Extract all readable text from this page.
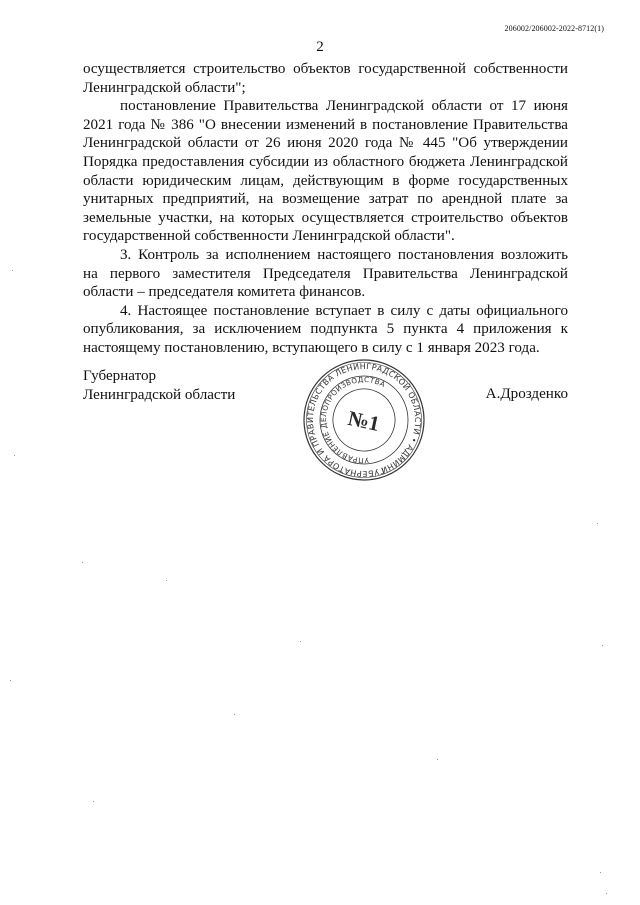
206002/206002-2022-8712(1)
2

осуществляется строительство объектов государственной собственности Ленинградской области";

постановление Правительства Ленинградской области от 17 июня 2021 года № 386 "О внесении изменений в постановление Правительства Ленинградской области от 26 июня 2020 года № 445 "Об утверждении Порядка предоставления субсидии из областного бюджета Ленинградской области юридическим лицам, действующим в форме государственных унитарных предприятий, на возмещение затрат по арендной плате за земельные участки, на которых осуществляется строительство объектов государственной собственности Ленинградской области".

3. Контроль за исполнением настоящего постановления возложить на первого заместителя Председателя Правительства Ленинградской области – председателя комитета финансов.

4. Настоящее постановление вступает в силу с даты официального опубликования, за исключением подпункта 5 пункта 4 приложения к настоящему постановлению, вступающего в силу с 1 января 2023 года.

Губернатор
Ленинградской области	А.Дрозденко
ГУБЕРНАТОРА И ПРАВИТЕЛЬСТВА ЛЕНИНГРАДСКОЙ ОБЛАСТИ • АДМИНИСТРАЦИЯ
УПРАВЛЕНИЕ ДЕЛОПРОИЗВОДСТВА
№1
